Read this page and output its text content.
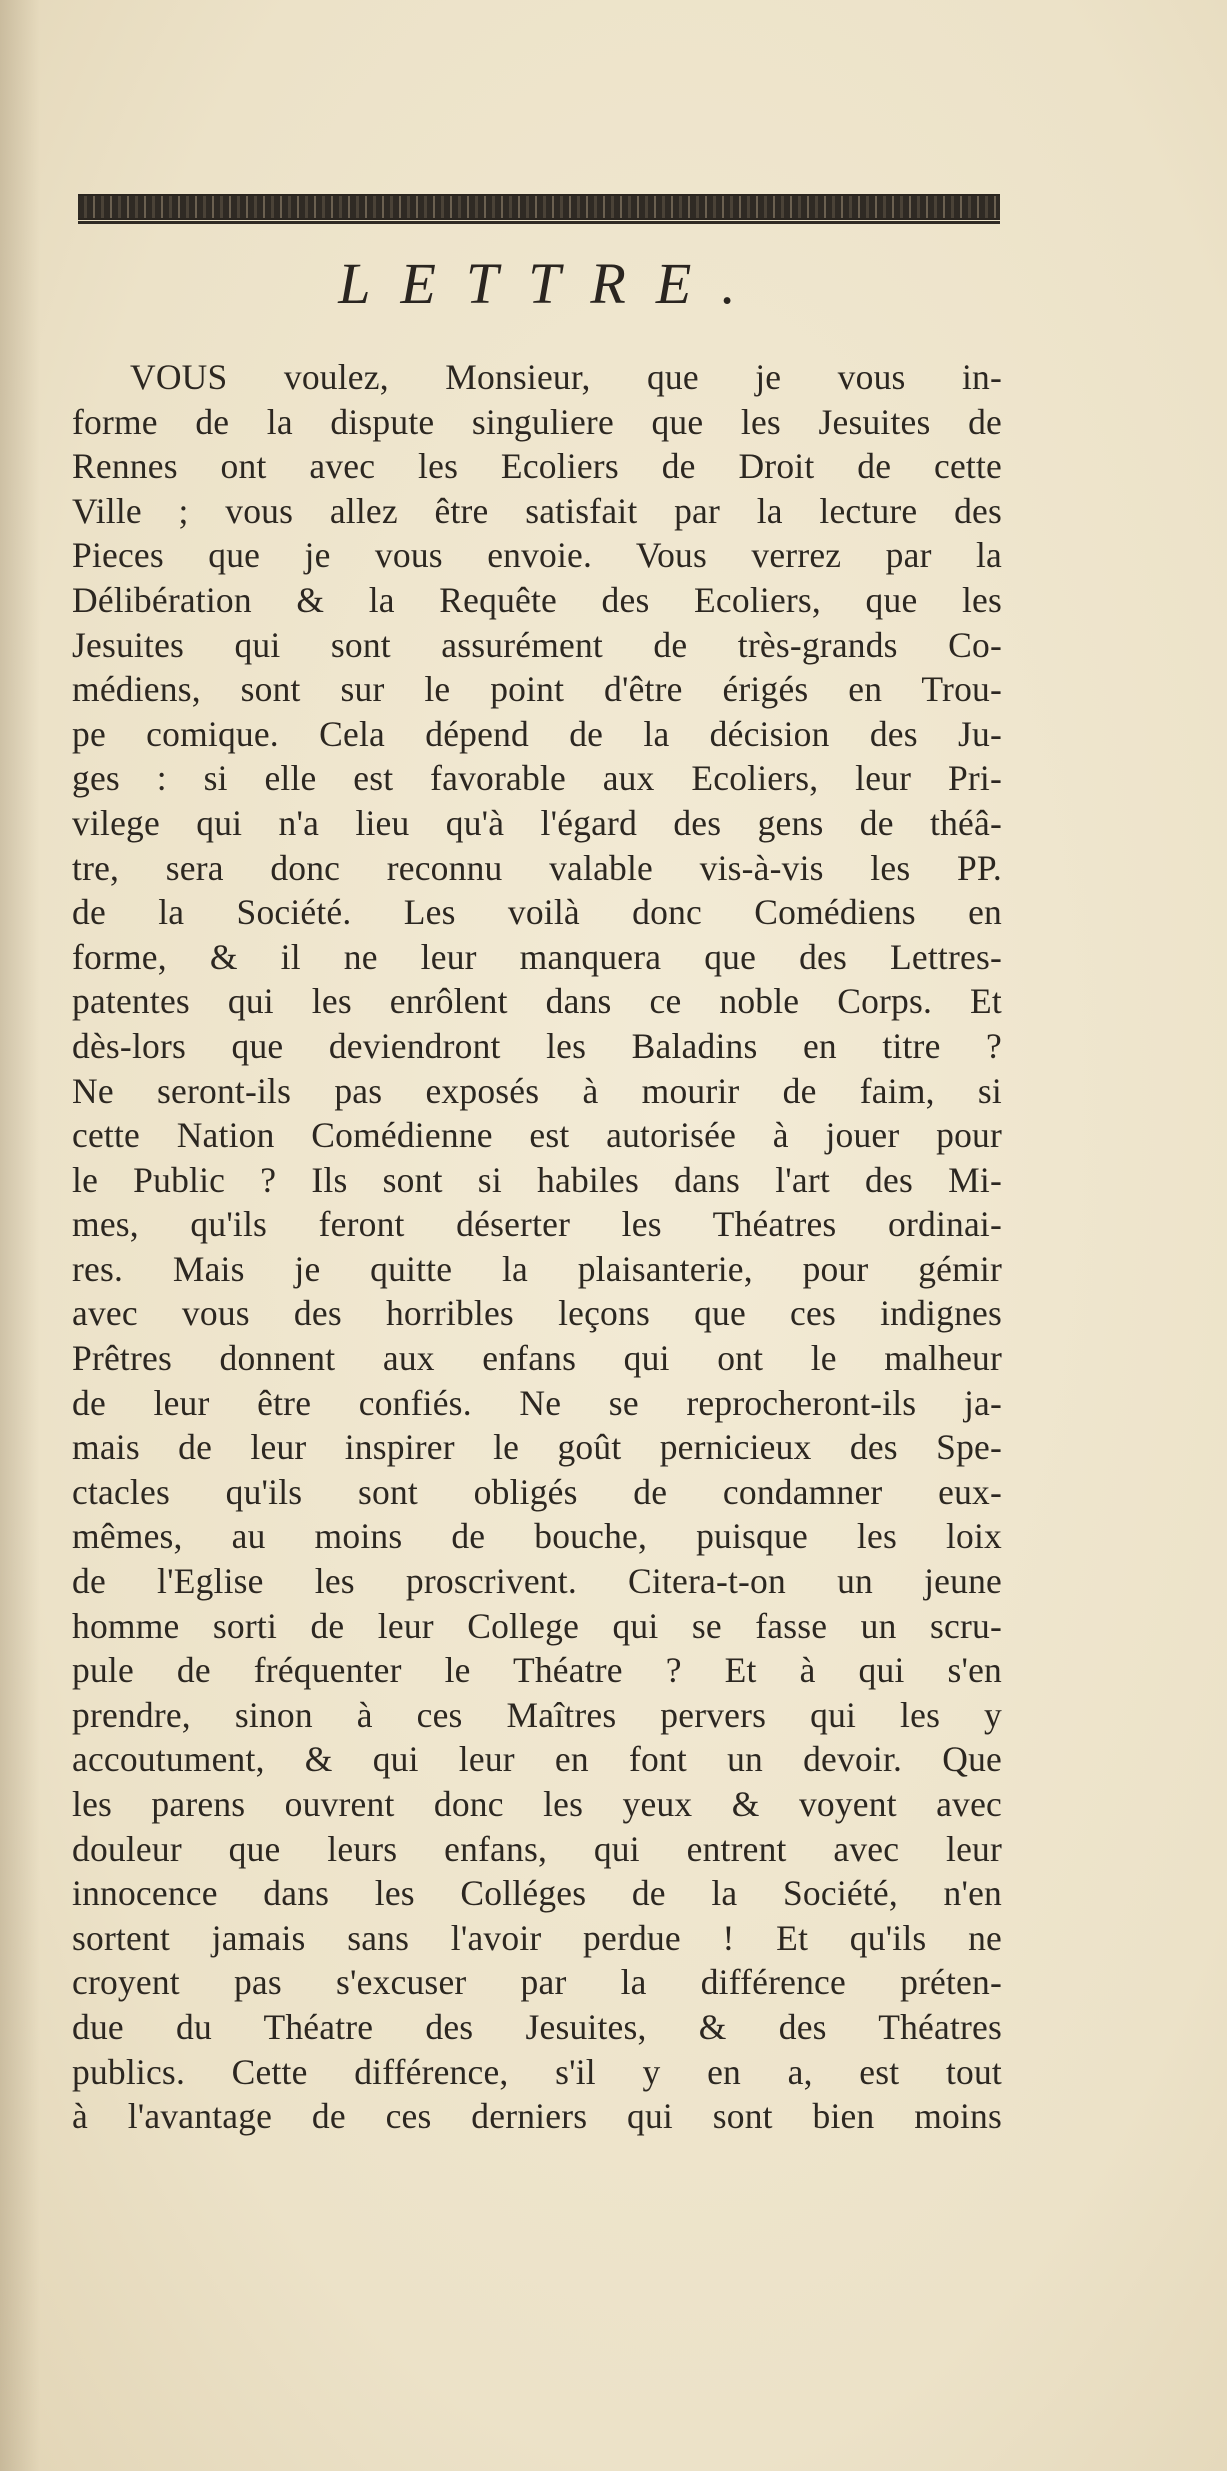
LETTRE.
VOUS voulez, Monsieur, que je vous in-
forme de la dispute singuliere que les Jesuites de
Rennes ont avec les Ecoliers de Droit de cette
Ville ; vous allez être satisfait par la lecture des
Pieces que je vous envoie. Vous verrez par la
Délibération & la Requête des Ecoliers, que les
Jesuites qui sont assurément de très-grands Co-
médiens, sont sur le point d'être érigés en Trou-
pe comique. Cela dépend de la décision des Ju-
ges : si elle est favorable aux Ecoliers, leur Pri-
vilege qui n'a lieu qu'à l'égard des gens de théâ-
tre, sera donc reconnu valable vis-à-vis les PP.
de la Société. Les voilà donc Comédiens en
forme, & il ne leur manquera que des Lettres-
patentes qui les enrôlent dans ce noble Corps. Et
dès-lors que deviendront les Baladins en titre ?
Ne seront-ils pas exposés à mourir de faim, si
cette Nation Comédienne est autorisée à jouer pour
le Public ? Ils sont si habiles dans l'art des Mi-
mes, qu'ils feront déserter les Théatres ordinai-
res. Mais je quitte la plaisanterie, pour gémir
avec vous des horribles leçons que ces indignes
Prêtres donnent aux enfans qui ont le malheur
de leur être confiés. Ne se reprocheront-ils ja-
mais de leur inspirer le goût pernicieux des Spe-
ctacles qu'ils sont obligés de condamner eux-
mêmes, au moins de bouche, puisque les loix
de l'Eglise les proscrivent. Citera-t-on un jeune
homme sorti de leur College qui se fasse un scru-
pule de fréquenter le Théatre ? Et à qui s'en
prendre, sinon à ces Maîtres pervers qui les y
accoutument, & qui leur en font un devoir. Que
les parens ouvrent donc les yeux & voyent avec
douleur que leurs enfans, qui entrent avec leur
innocence dans les Colléges de la Société, n'en
sortent jamais sans l'avoir perdue ! Et qu'ils ne
croyent pas s'excuser par la différence préten-
due du Théatre des Jesuites, & des Théatres
publics. Cette différence, s'il y en a, est tout
à l'avantage de ces derniers qui sont bien moins
